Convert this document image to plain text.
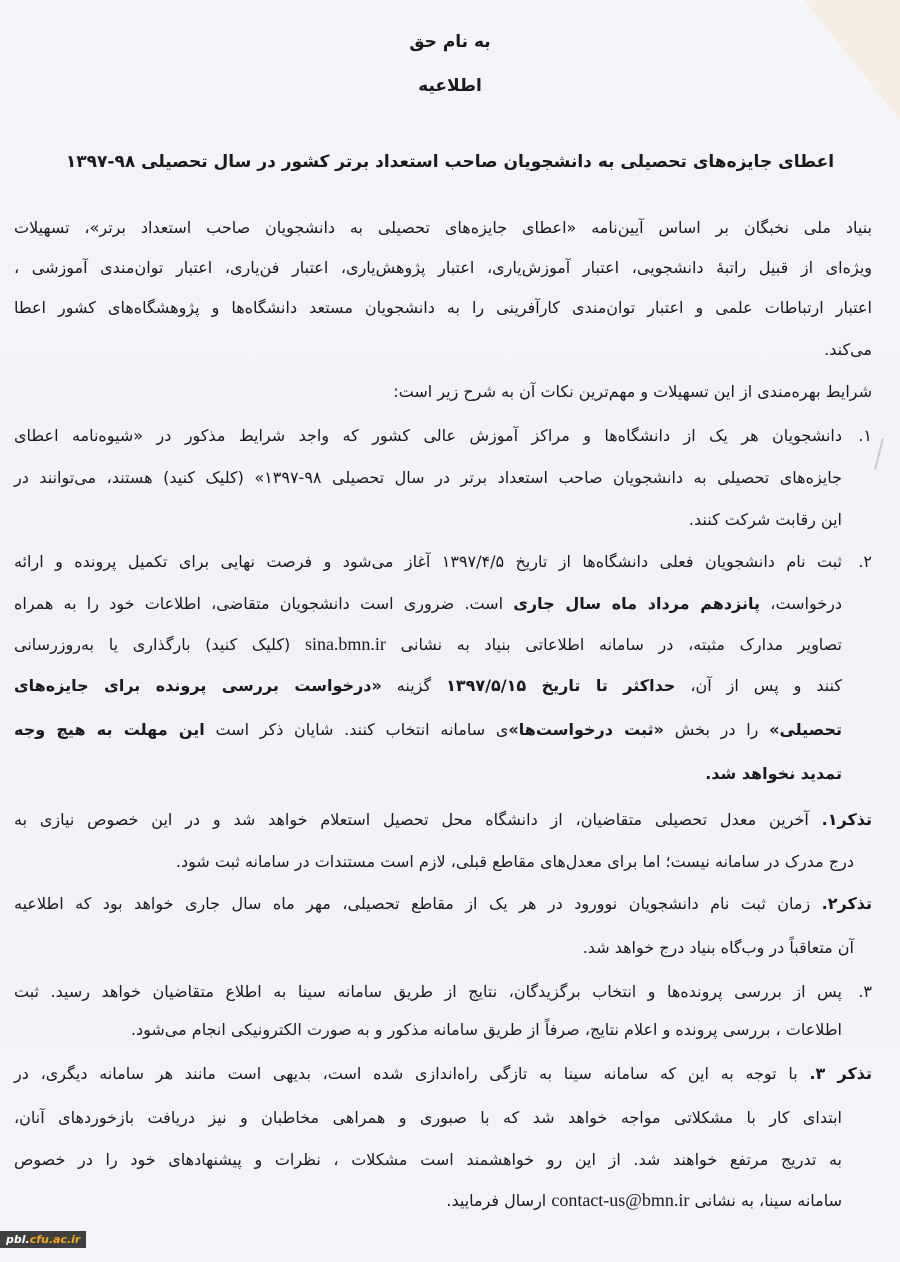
به نام حق
اطلاعیه
اعطای جایزه‌های تحصیلی به دانشجویان صاحب استعداد برتر کشور در سال تحصیلی ۹۸-۱۳۹۷
بنیاد ملی نخبگان بر اساس آیین‌نامه «اعطای جایزه‌های تحصیلی به دانشجویان صاحب استعداد برتر»، تسهیلات
ویژه‌ای از قبیل راتبهٔ دانشجویی، اعتبار آموزش‌یاری، اعتبار پژوهش‌یاری، اعتبار فن‌یاری، اعتبار توان‌مندی آموزشی ،
اعتبار ارتباطات علمی و اعتبار توان‌مندی کارآفرینی را به دانشجویان مستعد دانشگاه‌ها و پژوهشگاه‌های کشور اعطا
می‌کند.
شرایط بهره‌مندی از این تسهیلات و مهم‌ترین نکات آن به شرح زیر است:
۱.دانشجویان هر یک از دانشگاه‌ها و مراکز آموزش عالی کشور که واجد شرایط مذکور در «شیوه‌نامه اعطای
جایزه‌های تحصیلی به دانشجویان صاحب استعداد برتر در سال تحصیلی ۹۸-۱۳۹۷» (کلیک کنید) هستند، می‌توانند در
این رقابت شرکت کنند.
۲.ثبت نام دانشجویان فعلی دانشگاه‌ها از تاریخ ۱۳۹۷/۴/۵ آغاز می‌شود و فرصت نهایی برای تکمیل پرونده و ارائه
درخواست، پانزدهم مرداد ماه سال جاری است. ضروری است دانشجویان متقاضی، اطلاعات خود را به همراه
تصاویر مدارک مثبته، در سامانه اطلاعاتی بنیاد به نشانی sina.bmn.ir (کلیک کنید) بارگذاری یا به‌روزرسانی
کنند و پس از آن، حداکثر تا تاریخ ۱۳۹۷/۵/۱۵ گزینه «درخواست بررسی پرونده برای جایزه‌های
تحصیلی» را در بخش «ثبت درخواست‌ها»ی سامانه انتخاب کنند. شایان ذکر است این مهلت به هیچ وجه
تمدید نخواهد شد.
تذکر۱. آخرین معدل تحصیلی متقاضیان، از دانشگاه محل تحصیل استعلام خواهد شد و در این خصوص نیازی به
درج مدرک در سامانه نیست؛ اما برای معدل‌های مقاطع قبلی، لازم است مستندات در سامانه ثبت شود.
تذکر۲. زمان ثبت نام دانشجویان نوورود در هر یک از مقاطع تحصیلی، مهر ماه سال جاری خواهد بود که اطلاعیه
آن متعاقباً در وب‌گاه بنیاد درج خواهد شد.
۳.پس از بررسی پرونده‌ها و انتخاب برگزیدگان، نتایج از طریق سامانه سینا به اطلاع متقاضیان خواهد رسید. ثبت
اطلاعات ، بررسی پرونده و اعلام نتایج، صرفاً از طریق سامانه مذکور و به صورت الکترونیکی انجام می‌شود.
تذکر ۳. با توجه به این که سامانه سینا به تازگی راه‌اندازی شده است، بدیهی است مانند هر سامانه دیگری، در
ابتدای کار با مشکلاتی مواجه خواهد شد که با صبوری و همراهی مخاطبان و نیز دریافت بازخوردهای آنان،
به تدریج مرتفع خواهند شد. از این رو خواهشمند است مشکلات ، نظرات و پیشنهادهای خود را در خصوص
سامانه سینا، به نشانی contact-us@bmn.ir ارسال فرمایید.
pbl.cfu.ac.ir
